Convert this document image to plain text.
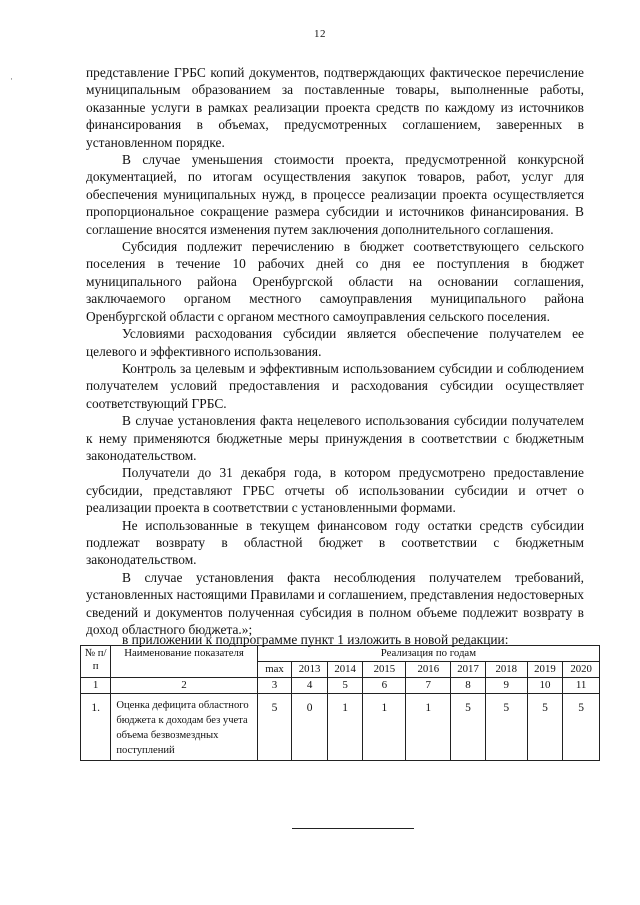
12
·	представление ГРБС копий документов, подтверждающих фактическое перечисление муниципальным образованием за поставленные товары, выполненные работы, оказанные услуги в рамках реализации проекта средств по каждому из источников финансирования в объемах, предусмотренных соглашением, заверенных в установленном порядке.

В случае уменьшения стоимости проекта, предусмотренной конкурсной документацией, по итогам осуществления закупок товаров, работ, услуг для обеспечения муниципальных нужд, в процессе реализации проекта осуществляется пропорциональное сокращение размера субсидии и источников финансирования. В соглашение вносятся изменения путем заключения дополнительного соглашения.

Субсидия подлежит перечислению в бюджет соответствующего сельского поселения в течение 10 рабочих дней со дня ее поступления в бюджет муниципального района Оренбургской области на основании соглашения, заключаемого органом местного самоуправления муниципального района Оренбургской области с органом местного самоуправления сельского поселения.

Условиями расходования субсидии является обеспечение получателем ее целевого и эффективного использования.

Контроль за целевым и эффективным использованием субсидии и соблюдением получателем условий предоставления и расходования субсидии осуществляет соответствующий ГРБС.

В случае установления факта нецелевого использования субсидии получателем к нему применяются бюджетные меры принуждения в соответствии с бюджетным законодательством.

Получатели до 31 декабря года, в котором предусмотрено предоставление субсидии, представляют ГРБС отчеты об использовании субсидии и отчет о реализации проекта в соответствии с установленными формами.

Не использованные в текущем финансовом году остатки средств субсидии подлежат возврату в областной бюджет в соответствии с бюджетным законодательством.

В случае установления факта несоблюдения получателем требований, установленных настоящими Правилами и соглашением, представления недостоверных сведений и документов полученная субсидия в полном объеме подлежит возврату в доход областного бюджета.»;

в приложении к подпрограмме пункт 1 изложить в новой редакции:
№ п/п	Наименование показателя	Реализация по годам								
		max	2013	2014	2015	2016	2017	2018	2019	2020
1	2	3	4	5	6	7	8	9	10	11
1.	Оценка дефицита областного бюджета к доходам без учета объема безвозмездных поступлений	5	0	1	1	1	5	5	5	5
